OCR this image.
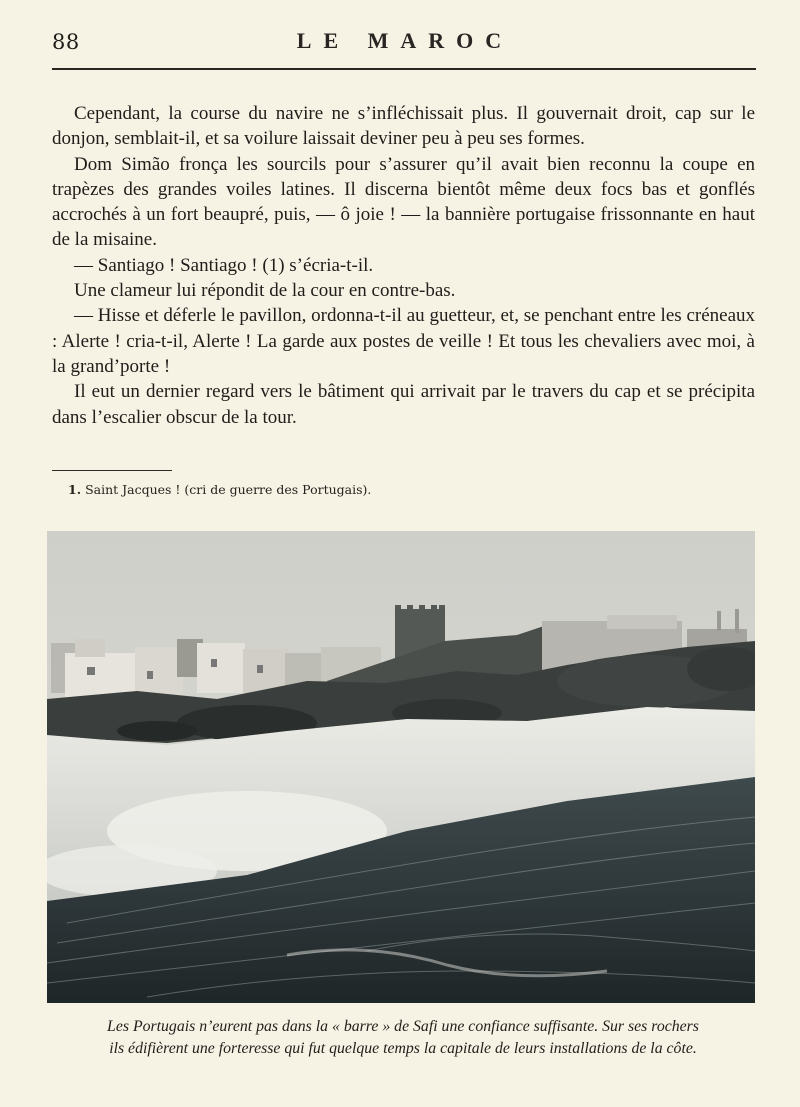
88	LE MAROC

Cependant, la course du navire ne s’infléchissait plus. Il gouvernait droit, cap sur le donjon, semblait-il, et sa voilure laissait deviner peu à peu ses formes.

Dom Simão fronça les sourcils pour s’assurer qu’il avait bien reconnu la coupe en trapèzes des grandes voiles latines. Il discerna bientôt même deux focs bas et gonflés accrochés à un fort beaupré, puis, — ô joie ! — la bannière portugaise frissonnante en haut de la misaine.

— Santiago ! Santiago ! (1) s’écria-t-il.

Une clameur lui répondit de la cour en contre-bas.

— Hisse et déferle le pavillon, ordonna-t-il au guetteur, et, se penchant entre les créneaux : Alerte ! cria-t-il, Alerte ! La garde aux postes de veille ! Et tous les chevaliers avec moi, à la grand’porte !

Il eut un dernier regard vers le bâtiment qui arrivait par le travers du cap et se précipita dans l’escalier obscur de la tour.

1. Saint Jacques ! (cri de guerre des Portugais).
Les Portugais n’eurent pas dans la « barre » de Safi une confiance suffisante. Sur ses rochers
ils édifièrent une forteresse qui fut quelque temps la capitale de leurs installations de la côte.
